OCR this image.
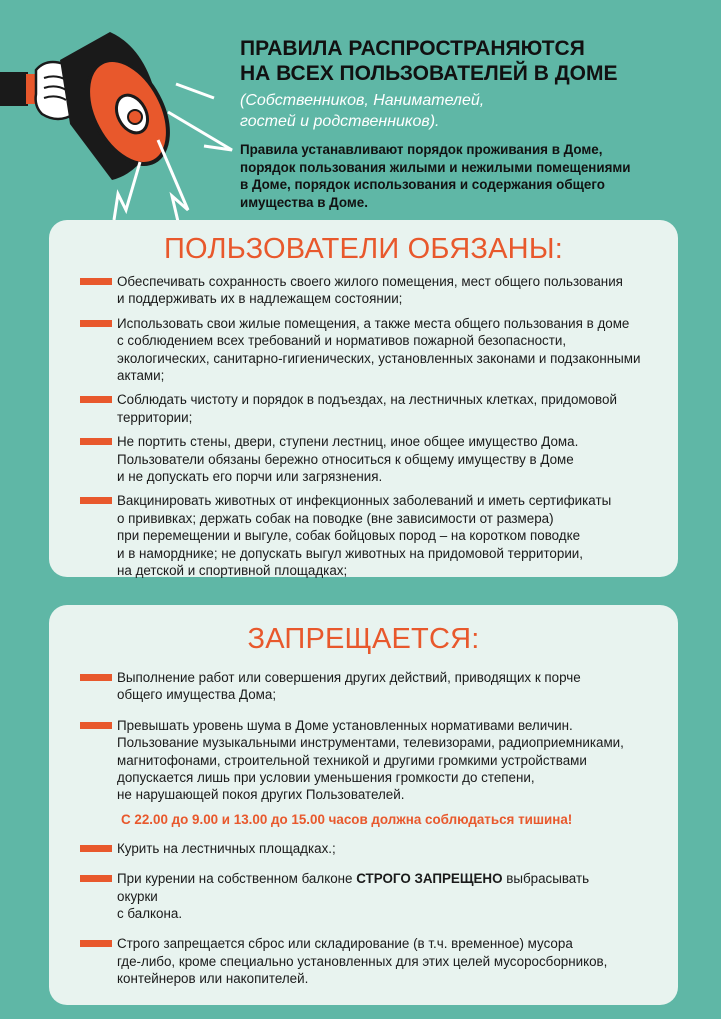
ПРАВИЛА РАСПРОСТРАНЯЮТСЯ
НА ВСЕХ ПОЛЬЗОВАТЕЛЕЙ В ДОМЕ
(Собственников, Нанимателей,
гостей и родственников).
Правила устанавливают порядок проживания в Доме,
порядок пользования жилыми и нежилыми помещениями
в Доме, порядок использования и содержания общего
имущества в Доме.
ПОЛЬЗОВАТЕЛИ ОБЯЗАНЫ:
Обеспечивать сохранность своего жилого помещения, мест общего пользования
и поддерживать их в надлежащем состоянии;
Использовать свои жилые помещения, а также места общего пользования в доме
с соблюдением всех требований и нормативов пожарной безопасности,
экологических, санитарно-гигиенических, установленных законами и подзаконными
актами;
Соблюдать чистоту и порядок в подъездах, на лестничных клетках, придомовой
территории;
Не портить стены, двери, ступени лестниц, иное общее имущество Дома.
Пользователи обязаны бережно относиться к общему имуществу в Доме
и не допускать его порчи или загрязнения.
Вакцинировать животных от инфекционных заболеваний и иметь сертификаты
о прививках; держать собак на поводке (вне зависимости от размера)
при перемещении и выгуле, собак бойцовых пород – на коротком поводке
и в наморднике; не допускать выгул животных на придомовой территории,
на детской и спортивной площадках;
ЗАПРЕЩАЕТСЯ:
Выполнение работ или совершения других действий, приводящих к порче
общего имущества Дома;
Превышать уровень шума в Доме установленных нормативами величин.
Пользование музыкальными инструментами, телевизорами, радиоприемниками,
магнитофонами, строительной техникой и другими громкими устройствами
допускается лишь при условии уменьшения громкости до степени,
не нарушающей покоя других Пользователей.
С 22.00 до 9.00 и 13.00 до 15.00 часов должна соблюдаться тишина!
Курить на лестничных площадках.;
При курении на собственном балконе СТРОГО ЗАПРЕЩЕНО выбрасывать
окурки
с балкона.
Строго запрещается сброс или складирование (в т.ч. временное) мусора
где-либо, кроме специально установленных для этих целей мусоросборников,
контейнеров или накопителей.
